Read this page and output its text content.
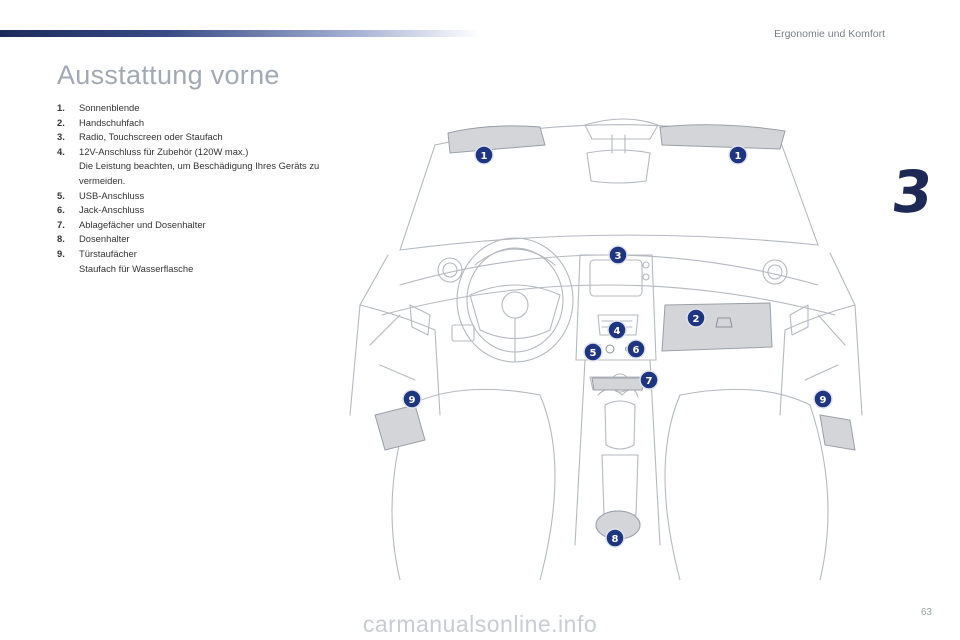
Ergonomie und Komfort
Ausstattung vorne
3
1. Sonnenblende
2. Handschuhfach
3. Radio, Touchscreen oder Staufach
4. 12V-Anschluss für Zubehör (120W max.)
Die Leistung beachten, um Beschädigung Ihres Geräts zu vermeiden.
5. USB-Anschluss
6. Jack-Anschluss
7. Ablagefächer und Dosenhalter
8. Dosenhalter
9. Türstaufächer
Staufach für Wasserflasche
1	1
3
2
4
5	6
7
8
9	9
63
carmanualsonline.info
